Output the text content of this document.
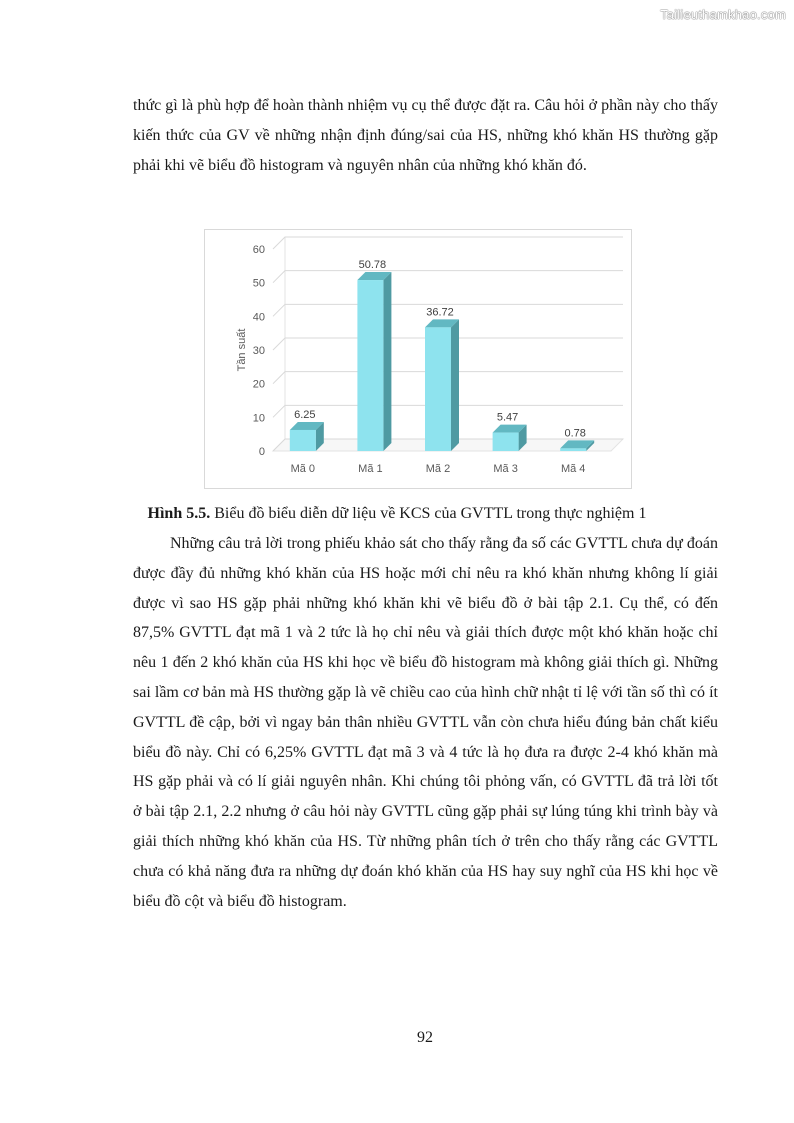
Tailieuthamkhao.com

thức gì là phù hợp để hoàn thành nhiệm vụ cụ thể được đặt ra. Câu hỏi ở phần này cho thấy kiến thức của GV về những nhận định đúng/sai của HS, những khó khăn HS thường gặp phải khi vẽ biểu đồ histogram và nguyên nhân của những khó khăn đó.

0
10
20
30
40
50
60
Tần suất
6.25
Mã 0
50.78
Mã 1
36.72
Mã 2
5.47
Mã 3
0.78
Mã 4
Hình 5.5. Biểu đồ biểu diễn dữ liệu về KCS của GVTTL trong thực nghiệm 1

Những câu trả lời trong phiếu khảo sát cho thấy rằng đa số các GVTTL chưa dự đoán được đầy đủ những khó khăn của HS hoặc mới chỉ nêu ra khó khăn nhưng không lí giải được vì sao HS gặp phải những khó khăn khi vẽ biểu đồ ở bài tập 2.1. Cụ thể, có đến 87,5% GVTTL đạt mã 1 và 2 tức là họ chỉ nêu và giải thích được một khó khăn hoặc chỉ nêu 1 đến 2 khó khăn của HS khi học về biểu đồ histogram mà không giải thích gì. Những sai lầm cơ bản mà HS thường gặp là vẽ chiều cao của hình chữ nhật tỉ lệ với tần số thì có ít GVTTL đề cập, bởi vì ngay bản thân nhiều GVTTL vẫn còn chưa hiểu đúng bản chất kiểu biểu đồ này. Chỉ có 6,25% GVTTL đạt mã 3 và 4 tức là họ đưa ra được 2-4 khó khăn mà HS gặp phải và có lí giải nguyên nhân. Khi chúng tôi phỏng vấn, có GVTTL đã trả lời tốt ở bài tập 2.1, 2.2 nhưng ở câu hỏi này GVTTL cũng gặp phải sự lúng túng khi trình bày và giải thích những khó khăn của HS. Từ những phân tích ở trên cho thấy rằng các GVTTL chưa có khả năng đưa ra những dự đoán khó khăn của HS hay suy nghĩ của HS khi học về biểu đồ cột và biểu đồ histogram.

92
